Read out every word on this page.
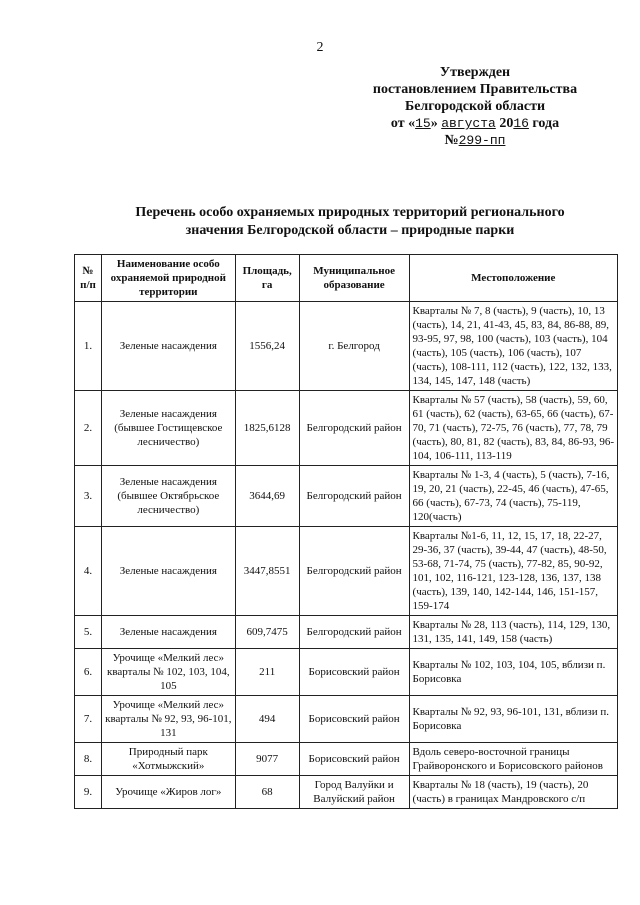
2
Утвержден
постановлением Правительства
Белгородской области
от «15» августа 2016 года
№299-пп
Перечень особо охраняемых природных территорий регионального
значения Белгородской области – природные парки
№ п/п	Наименование особо охраняемой природной территории	Площадь, га	Муниципальное образование	Местоположение
1.	Зеленые насаждения	1556,24	г. Белгород	Кварталы № 7, 8 (часть), 9 (часть), 10, 13 (часть), 14, 21, 41-43, 45, 83, 84, 86-88, 89, 93-95, 97, 98, 100 (часть), 103 (часть), 104 (часть), 105 (часть), 106 (часть), 107 (часть), 108-111, 112 (часть), 122, 132, 133, 134, 145, 147, 148 (часть)
2.	Зеленые насаждения (бывшее Гостищевское лесничество)	1825,6128	Белгородский район	Кварталы № 57 (часть), 58 (часть), 59, 60, 61 (часть), 62 (часть), 63-65, 66 (часть), 67-70, 71 (часть), 72-75, 76 (часть), 77, 78, 79 (часть), 80, 81, 82 (часть), 83, 84, 86-93, 96-104, 106-111, 113-119
3.	Зеленые насаждения (бывшее Октябрьское лесничество)	3644,69	Белгородский район	Кварталы № 1-3, 4 (часть), 5 (часть), 7-16, 19, 20, 21 (часть), 22-45, 46 (часть), 47-65, 66 (часть), 67-73, 74 (часть), 75-119, 120(часть)
4.	Зеленые насаждения	3447,8551	Белгородский район	Кварталы №1-6, 11, 12, 15, 17, 18, 22-27, 29-36, 37 (часть), 39-44, 47 (часть), 48-50, 53-68, 71-74, 75 (часть), 77-82, 85, 90-92, 101, 102, 116-121, 123-128, 136, 137, 138 (часть), 139, 140, 142-144, 146, 151-157, 159-174
5.	Зеленые насаждения	609,7475	Белгородский район	Кварталы № 28, 113 (часть), 114, 129, 130, 131, 135, 141, 149, 158 (часть)
6.	Урочище «Мелкий лес» кварталы № 102, 103, 104, 105	211	Борисовский район	Кварталы № 102, 103, 104, 105, вблизи п. Борисовка
7.	Урочище «Мелкий лес» кварталы № 92, 93, 96-101, 131	494	Борисовский район	Кварталы № 92, 93, 96-101, 131, вблизи п. Борисовка
8.	Природный парк «Хотмыжский»	9077	Борисовский район	Вдоль северо-восточной границы Грайворонского и Борисовского районов
9.	Урочище «Жиров лог»	68	Город Валуйки и Валуйский район	Кварталы № 18 (часть), 19 (часть), 20 (часть) в границах Мандровского с/п
